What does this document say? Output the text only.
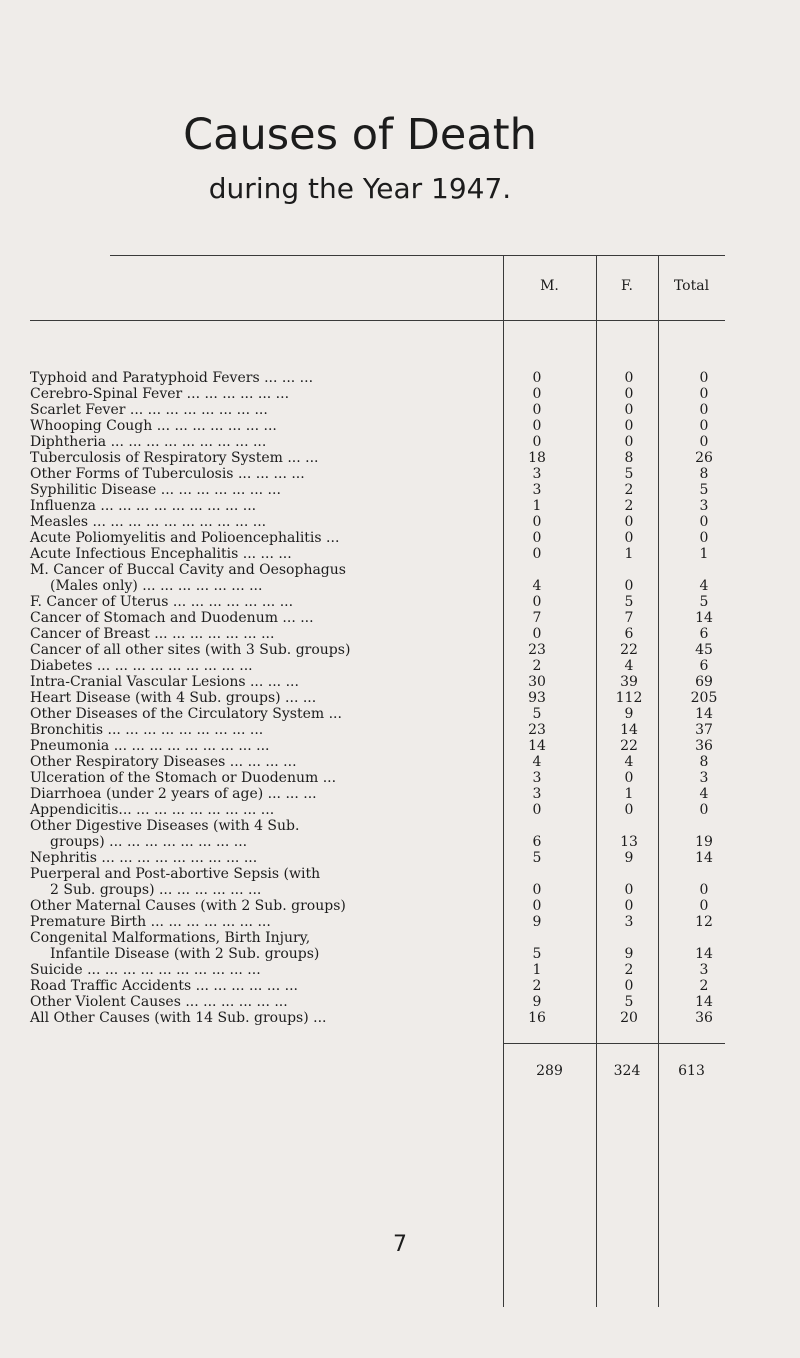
Causes of Death
during the Year 1947.
M.	F.	Total
Typhoid and Paratyphoid Fevers ... ... ...	0	0	0
Cerebro-Spinal Fever ... ... ... ... ... ...	0	0	0
Scarlet Fever ... ... ... ... ... ... ... ...	0	0	0
Whooping Cough ... ... ... ... ... ... ...	0	0	0
Diphtheria ... ... ... ... ... ... ... ... ...	0	0	0
Tuberculosis of Respiratory System ... ...	18	8	26
Other Forms of Tuberculosis ... ... ... ...	3	5	8
Syphilitic Disease ... ... ... ... ... ... ...	3	2	5
Influenza ... ... ... ... ... ... ... ... ...	1	2	3
Measles ... ... ... ... ... ... ... ... ... ...	0	0	0
Acute Poliomyelitis and Polioencephalitis ...	0	0	0
Acute Infectious Encephalitis ... ... ...	0	1	1
M. Cancer of Buccal Cavity and Oesophagus
(Males only) ... ... ... ... ... ... ...	4	0	4
F. Cancer of Uterus ... ... ... ... ... ... ...	0	5	5
Cancer of Stomach and Duodenum ... ...	7	7	14
Cancer of Breast ... ... ... ... ... ... ...	0	6	6
Cancer of all other sites (with 3 Sub. groups)	23	22	45
Diabetes ... ... ... ... ... ... ... ... ...	2	4	6
Intra-Cranial Vascular Lesions ... ... ...	30	39	69
Heart Disease (with 4 Sub. groups) ... ...	93	112	205
Other Diseases of the Circulatory System ...	5	9	14
Bronchitis ... ... ... ... ... ... ... ... ...	23	14	37
Pneumonia ... ... ... ... ... ... ... ... ...	14	22	36
Other Respiratory Diseases ... ... ... ...	4	4	8
Ulceration of the Stomach or Duodenum ...	3	0	3
Diarrhoea (under 2 years of age) ... ... ...	3	1	4
Appendicitis... ... ... ... ... ... ... ... ...	0	0	0
Other Digestive Diseases (with 4 Sub.
groups) ... ... ... ... ... ... ... ...	6	13	19
Nephritis ... ... ... ... ... ... ... ... ...	5	9	14
Puerperal and Post-abortive Sepsis (with
2 Sub. groups) ... ... ... ... ... ...	0	0	0
Other Maternal Causes (with 2 Sub. groups)	0	0	0
Premature Birth ... ... ... ... ... ... ...	9	3	12
Congenital Malformations, Birth Injury,
Infantile Disease (with 2 Sub. groups)	5	9	14
Suicide ... ... ... ... ... ... ... ... ... ...	1	2	3
Road Traffic Accidents ... ... ... ... ... ...	2	0	2
Other Violent Causes ... ... ... ... ... ...	9	5	14
All Other Causes (with 14 Sub. groups) ...	16	20	36
289	324	613
7
